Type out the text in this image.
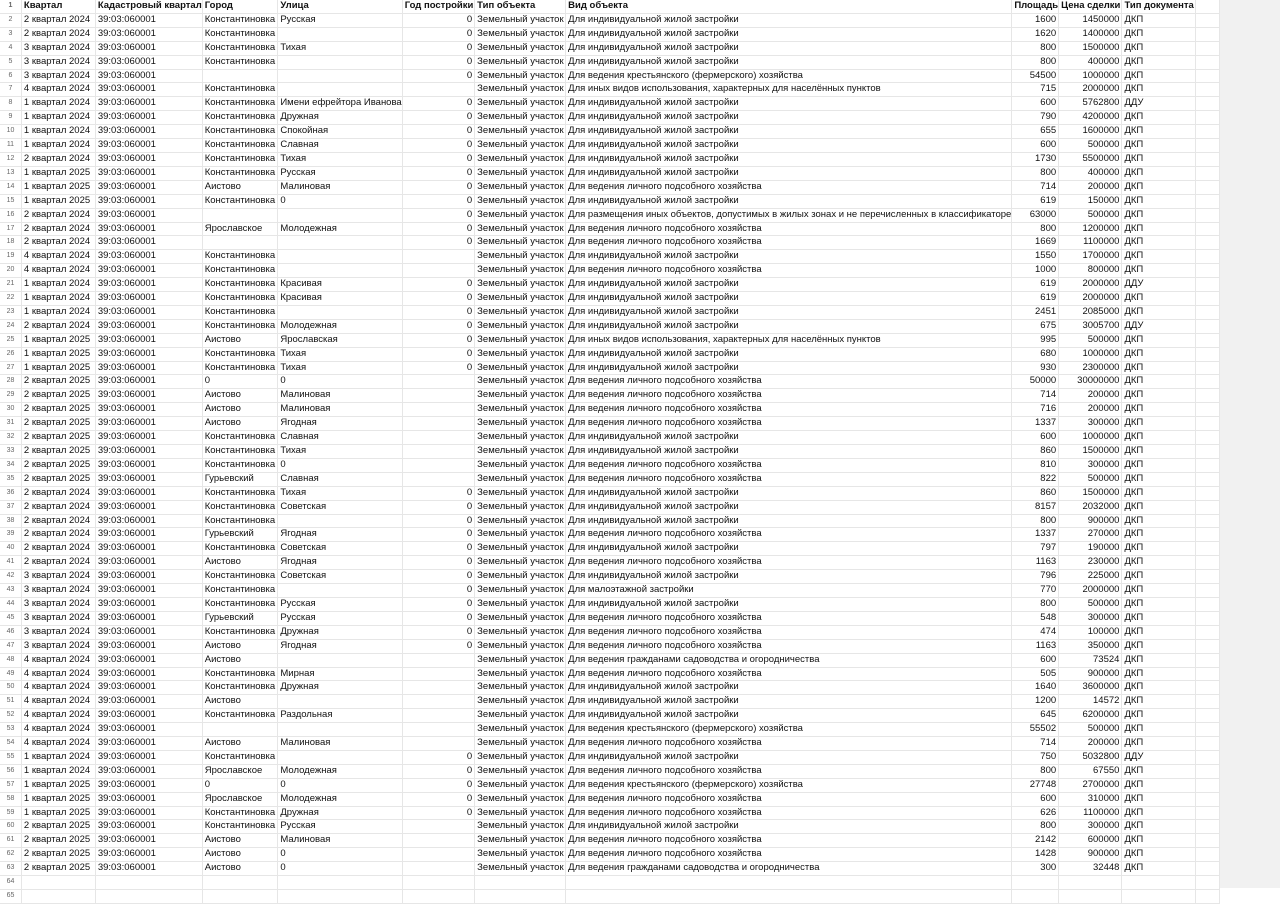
1	Квартал	Кадастровый квартал	Город	Улица	Год постройки	Тип объекта	Вид объекта	Площадь	Цена сделки	Тип документа	
2	2 квартал 2024	39:03:060001	Константиновка	Русская	0	Земельный участок	Для индивидуальной жилой застройки	1600	1450000	ДКП	
3	2 квартал 2024	39:03:060001	Константиновка		0	Земельный участок	Для индивидуальной жилой застройки	1620	1400000	ДКП	
4	3 квартал 2024	39:03:060001	Константиновка	Тихая	0	Земельный участок	Для индивидуальной жилой застройки	800	1500000	ДКП	
5	3 квартал 2024	39:03:060001	Константиновка		0	Земельный участок	Для индивидуальной жилой застройки	800	400000	ДКП	
6	3 квартал 2024	39:03:060001			0	Земельный участок	Для ведения крестьянского (фермерского) хозяйства	54500	1000000	ДКП	
7	4 квартал 2024	39:03:060001	Константиновка			Земельный участок	Для иных видов использования, характерных для населённых пунктов	715	2000000	ДКП	
8	1 квартал 2024	39:03:060001	Константиновка	Имени ефрейтора Иванова	0	Земельный участок	Для индивидуальной жилой застройки	600	5762800	ДДУ	
9	1 квартал 2024	39:03:060001	Константиновка	Дружная	0	Земельный участок	Для индивидуальной жилой застройки	790	4200000	ДКП	
10	1 квартал 2024	39:03:060001	Константиновка	Спокойная	0	Земельный участок	Для индивидуальной жилой застройки	655	1600000	ДКП	
11	1 квартал 2024	39:03:060001	Константиновка	Славная	0	Земельный участок	Для индивидуальной жилой застройки	600	500000	ДКП	
12	2 квартал 2024	39:03:060001	Константиновка	Тихая	0	Земельный участок	Для индивидуальной жилой застройки	1730	5500000	ДКП	
13	1 квартал 2025	39:03:060001	Константиновка	Русская	0	Земельный участок	Для индивидуальной жилой застройки	800	400000	ДКП	
14	1 квартал 2025	39:03:060001	Аистово	Малиновая	0	Земельный участок	Для ведения личного подсобного хозяйства	714	200000	ДКП	
15	1 квартал 2025	39:03:060001	Константиновка	0	0	Земельный участок	Для индивидуальной жилой застройки	619	150000	ДКП	
16	2 квартал 2024	39:03:060001			0	Земельный участок	Для размещения иных объектов, допустимых в жилых зонах и не перечисленных в классификаторе	63000	500000	ДКП	
17	2 квартал 2024	39:03:060001	Ярославское	Молодежная	0	Земельный участок	Для ведения личного подсобного хозяйства	800	1200000	ДКП	
18	2 квартал 2024	39:03:060001			0	Земельный участок	Для ведения личного подсобного хозяйства	1669	1100000	ДКП	
19	4 квартал 2024	39:03:060001	Константиновка			Земельный участок	Для индивидуальной жилой застройки	1550	1700000	ДКП	
20	4 квартал 2024	39:03:060001	Константиновка			Земельный участок	Для ведения личного подсобного хозяйства	1000	800000	ДКП	
21	1 квартал 2024	39:03:060001	Константиновка	Красивая	0	Земельный участок	Для индивидуальной жилой застройки	619	2000000	ДДУ	
22	1 квартал 2024	39:03:060001	Константиновка	Красивая	0	Земельный участок	Для индивидуальной жилой застройки	619	2000000	ДКП	
23	1 квартал 2024	39:03:060001	Константиновка		0	Земельный участок	Для индивидуальной жилой застройки	2451	2085000	ДКП	
24	2 квартал 2024	39:03:060001	Константиновка	Молодежная	0	Земельный участок	Для индивидуальной жилой застройки	675	3005700	ДДУ	
25	1 квартал 2025	39:03:060001	Аистово	Ярославская	0	Земельный участок	Для иных видов использования, характерных для населённых пунктов	995	500000	ДКП	
26	1 квартал 2025	39:03:060001	Константиновка	Тихая	0	Земельный участок	Для индивидуальной жилой застройки	680	1000000	ДКП	
27	1 квартал 2025	39:03:060001	Константиновка	Тихая	0	Земельный участок	Для индивидуальной жилой застройки	930	2300000	ДКП	
28	2 квартал 2025	39:03:060001	0	0		Земельный участок	Для ведения личного подсобного хозяйства	50000	30000000	ДКП	
29	2 квартал 2025	39:03:060001	Аистово	Малиновая		Земельный участок	Для ведения личного подсобного хозяйства	714	200000	ДКП	
30	2 квартал 2025	39:03:060001	Аистово	Малиновая		Земельный участок	Для ведения личного подсобного хозяйства	716	200000	ДКП	
31	2 квартал 2025	39:03:060001	Аистово	Ягодная		Земельный участок	Для ведения личного подсобного хозяйства	1337	300000	ДКП	
32	2 квартал 2025	39:03:060001	Константиновка	Славная		Земельный участок	Для индивидуальной жилой застройки	600	1000000	ДКП	
33	2 квартал 2025	39:03:060001	Константиновка	Тихая		Земельный участок	Для индивидуальной жилой застройки	860	1500000	ДКП	
34	2 квартал 2025	39:03:060001	Константиновка	0		Земельный участок	Для ведения личного подсобного хозяйства	810	300000	ДКП	
35	2 квартал 2025	39:03:060001	Гурьевский	Славная		Земельный участок	Для ведения личного подсобного хозяйства	822	500000	ДКП	
36	2 квартал 2024	39:03:060001	Константиновка	Тихая	0	Земельный участок	Для индивидуальной жилой застройки	860	1500000	ДКП	
37	2 квартал 2024	39:03:060001	Константиновка	Советская	0	Земельный участок	Для индивидуальной жилой застройки	8157	2032000	ДКП	
38	2 квартал 2024	39:03:060001	Константиновка		0	Земельный участок	Для индивидуальной жилой застройки	800	900000	ДКП	
39	2 квартал 2024	39:03:060001	Гурьевский	Ягодная	0	Земельный участок	Для ведения личного подсобного хозяйства	1337	270000	ДКП	
40	2 квартал 2024	39:03:060001	Константиновка	Советская	0	Земельный участок	Для индивидуальной жилой застройки	797	190000	ДКП	
41	2 квартал 2024	39:03:060001	Аистово	Ягодная	0	Земельный участок	Для ведения личного подсобного хозяйства	1163	230000	ДКП	
42	3 квартал 2024	39:03:060001	Константиновка	Советская	0	Земельный участок	Для индивидуальной жилой застройки	796	225000	ДКП	
43	3 квартал 2024	39:03:060001	Константиновка		0	Земельный участок	Для малоэтажной застройки	770	2000000	ДКП	
44	3 квартал 2024	39:03:060001	Константиновка	Русская	0	Земельный участок	Для индивидуальной жилой застройки	800	500000	ДКП	
45	3 квартал 2024	39:03:060001	Гурьевский	Русская	0	Земельный участок	Для ведения личного подсобного хозяйства	548	300000	ДКП	
46	3 квартал 2024	39:03:060001	Константиновка	Дружная	0	Земельный участок	Для ведения личного подсобного хозяйства	474	100000	ДКП	
47	3 квартал 2024	39:03:060001	Аистово	Ягодная	0	Земельный участок	Для ведения личного подсобного хозяйства	1163	350000	ДКП	
48	4 квартал 2024	39:03:060001	Аистово			Земельный участок	Для ведения гражданами садоводства и огородничества	600	73524	ДКП	
49	4 квартал 2024	39:03:060001	Константиновка	Мирная		Земельный участок	Для ведения личного подсобного хозяйства	505	900000	ДКП	
50	4 квартал 2024	39:03:060001	Константиновка	Дружная		Земельный участок	Для индивидуальной жилой застройки	1640	3600000	ДКП	
51	4 квартал 2024	39:03:060001	Аистово			Земельный участок	Для индивидуальной жилой застройки	1200	14572	ДКП	
52	4 квартал 2024	39:03:060001	Константиновка	Раздольная		Земельный участок	Для индивидуальной жилой застройки	645	6200000	ДКП	
53	4 квартал 2024	39:03:060001				Земельный участок	Для ведения крестьянского (фермерского) хозяйства	55502	500000	ДКП	
54	4 квартал 2024	39:03:060001	Аистово	Малиновая		Земельный участок	Для ведения личного подсобного хозяйства	714	200000	ДКП	
55	1 квартал 2024	39:03:060001	Константиновка		0	Земельный участок	Для индивидуальной жилой застройки	750	5032800	ДДУ	
56	1 квартал 2024	39:03:060001	Ярославское	Молодежная	0	Земельный участок	Для ведения личного подсобного хозяйства	800	67550	ДКП	
57	1 квартал 2025	39:03:060001	0	0	0	Земельный участок	Для ведения крестьянского (фермерского) хозяйства	27748	2700000	ДКП	
58	1 квартал 2025	39:03:060001	Ярославское	Молодежная	0	Земельный участок	Для ведения личного подсобного хозяйства	600	310000	ДКП	
59	1 квартал 2025	39:03:060001	Константиновка	Дружная	0	Земельный участок	Для ведения личного подсобного хозяйства	626	1100000	ДКП	
60	2 квартал 2025	39:03:060001	Константиновка	Русская		Земельный участок	Для индивидуальной жилой застройки	800	300000	ДКП	
61	2 квартал 2025	39:03:060001	Аистово	Малиновая		Земельный участок	Для ведения личного подсобного хозяйства	2142	600000	ДКП	
62	2 квартал 2025	39:03:060001	Аистово	0		Земельный участок	Для ведения личного подсобного хозяйства	1428	900000	ДКП	
63	2 квартал 2025	39:03:060001	Аистово	0		Земельный участок	Для ведения гражданами садоводства и огородничества	300	32448	ДКП	
64											
65											
